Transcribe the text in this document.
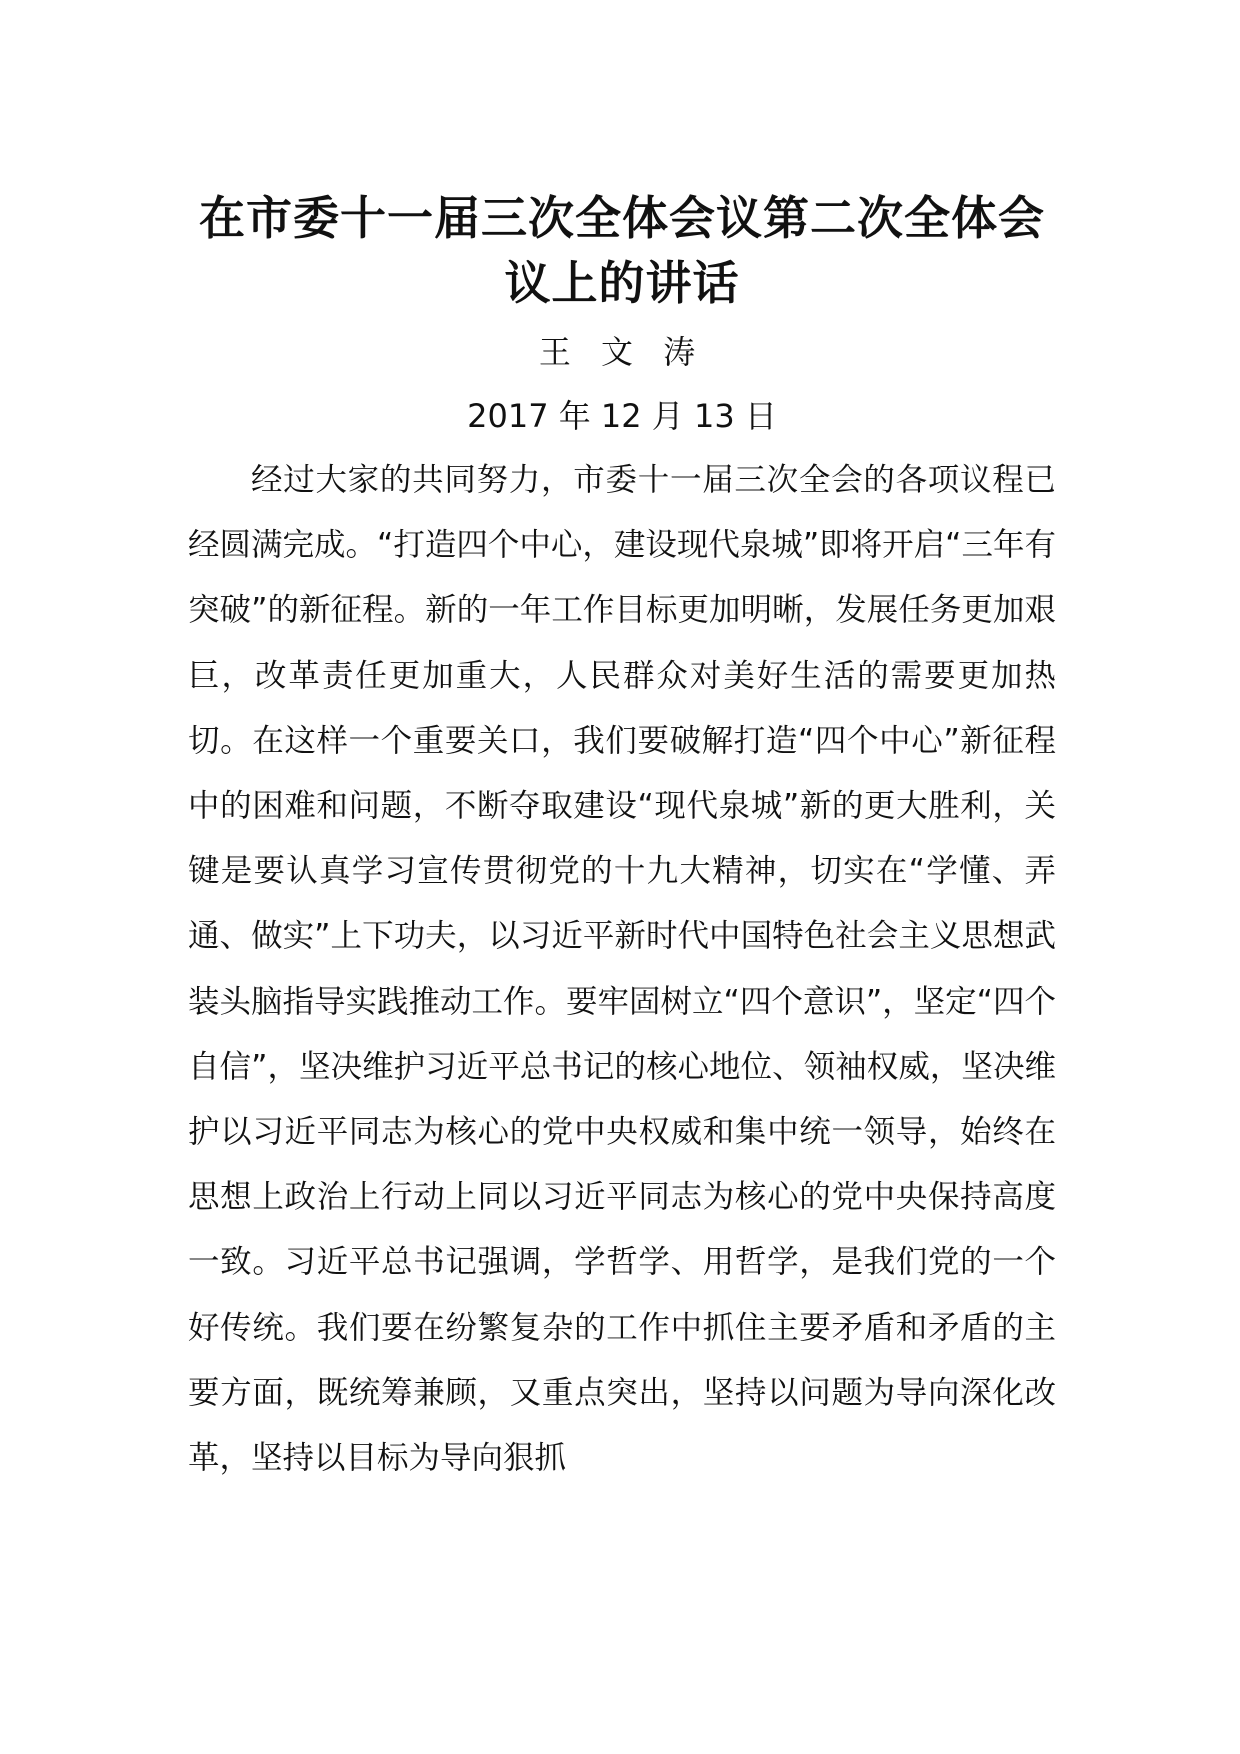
在市委十一届三次全体会议第二次全体会议上的讲话

王 文 涛

2017 年 12 月 13 日

经过大家的共同努力，市委十一届三次全会的各项议程已经圆满完成。“打造四个中心，建设现代泉城”即将开启“三年有突破”的新征程。新的一年工作目标更加明晰，发展任务更加艰巨，改革责任更加重大，人民群众对美好生活的需要更加热切。在这样一个重要关口，我们要破解打造“四个中心”新征程中的困难和问题，不断夺取建设“现代泉城”新的更大胜利，关键是要认真学习宣传贯彻党的十九大精神，切实在“学懂、弄通、做实”上下功夫，以习近平新时代中国特色社会主义思想武装头脑指导实践推动工作。要牢固树立“四个意识”，坚定“四个自信”，坚决维护习近平总书记的核心地位、领袖权威，坚决维护以习近平同志为核心的党中央权威和集中统一领导，始终在思想上政治上行动上同以习近平同志为核心的党中央保持高度一致。习近平总书记强调，学哲学、用哲学，是我们党的一个好传统。我们要在纷繁复杂的工作中抓住主要矛盾和矛盾的主要方面，既统筹兼顾，又重点突出，坚持以问题为导向深化改革，坚持以目标为导向狠抓
